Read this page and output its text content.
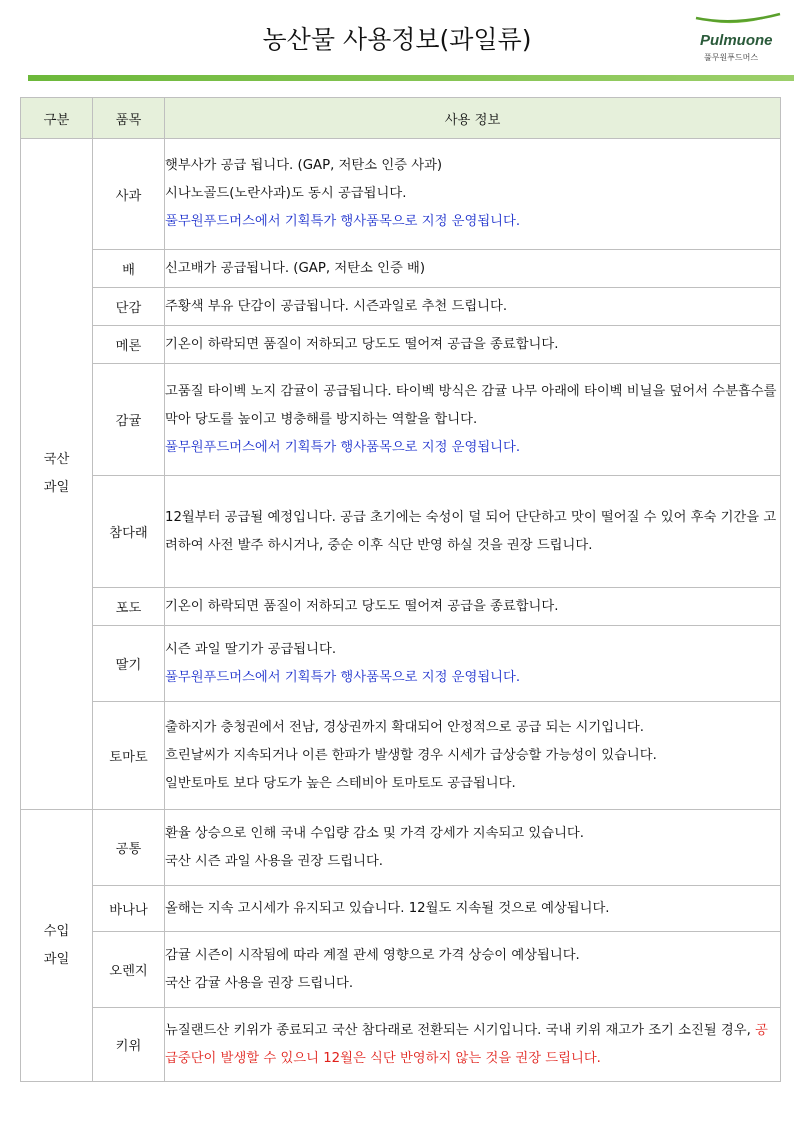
농산물 사용정보(과일류)	Pulmuone
풀무원푸드머스
구분	품목	사용 정보
국산
과일	사과	햇부사가 공급 됩니다. (GAP, 저탄소 인증 사과)
시나노골드(노란사과)도 동시 공급됩니다.
풀무원푸드머스에서 기획특가 행사품목으로 지정 운영됩니다.

	배	신고배가 공급됩니다. (GAP, 저탄소 인증 배)

	단감	주황색 부유 단감이 공급됩니다. 시즌과일로 추천 드립니다.

	메론	기온이 하락되면 품질이 저하되고 당도도 떨어져 공급을 종료합니다.

	감귤	고품질 타이벡 노지 감귤이 공급됩니다. 타이벡 방식은 감귤 나무 아래에 타이벡 비닐을 덮어서 수분흡수를 막아 당도를 높이고 병충해를 방지하는 역할을 합니다.
풀무원푸드머스에서 기획특가 행사품목으로 지정 운영됩니다.

	참다래	12월부터 공급될 예정입니다. 공급 초기에는 숙성이 덜 되어 단단하고 맛이 떨어질 수 있어 후숙 기간을 고려하여 사전 발주 하시거나, 중순 이후 식단 반영 하실 것을 권장 드립니다.

	포도	기온이 하락되면 품질이 저하되고 당도도 떨어져 공급을 종료합니다.

	딸기	시즌 과일 딸기가 공급됩니다.
풀무원푸드머스에서 기획특가 행사품목으로 지정 운영됩니다.

	토마토	출하지가 충청권에서 전남, 경상권까지 확대되어 안정적으로 공급 되는 시기입니다.
흐린날씨가 지속되거나 이른 한파가 발생할 경우 시세가 급상승할 가능성이 있습니다.
일반토마토 보다 당도가 높은 스테비아 토마토도 공급됩니다.

수입
과일	공통	환율 상승으로 인해 국내 수입량 감소 및 가격 강세가 지속되고 있습니다.
국산 시즌 과일 사용을 권장 드립니다.

	바나나	올해는 지속 고시세가 유지되고 있습니다. 12월도 지속될 것으로 예상됩니다.

	오렌지	감귤 시즌이 시작됨에 따라 계절 관세 영향으로 가격 상승이 예상됩니다.
국산 감귤 사용을 권장 드립니다.

	키위	뉴질랜드산 키위가 종료되고 국산 참다래로 전환되는 시기입니다. 국내 키위 재고가 조기 소진될 경우, 공급중단이 발생할 수 있으니 12월은 식단 반영하지 않는 것을 권장 드립니다.
